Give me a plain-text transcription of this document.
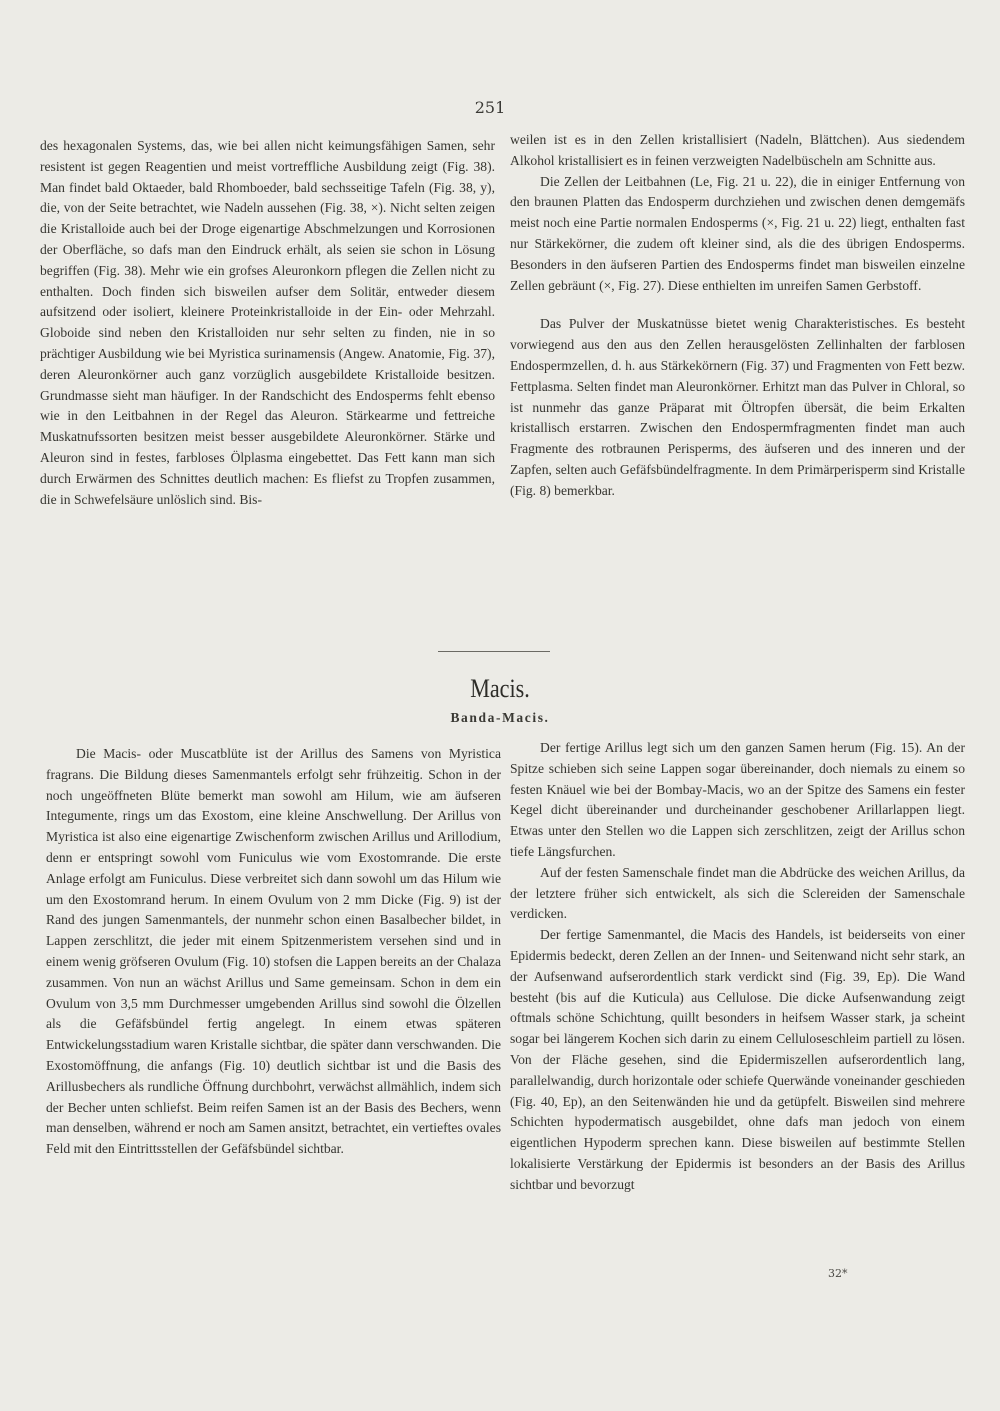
251

des hexagonalen Systems, das, wie bei allen nicht keimungsfähigen Samen, sehr resistent ist gegen Reagentien und meist vortreffliche Ausbildung zeigt (Fig. 38). Man findet bald Oktaeder, bald Rhomboeder, bald sechsseitige Tafeln (Fig. 38, y), die, von der Seite betrachtet, wie Nadeln aussehen (Fig. 38, ×). Nicht selten zeigen die Kristalloide auch bei der Droge eigenartige Abschmelzungen und Korrosionen der Oberfläche, so dafs man den Eindruck erhält, als seien sie schon in Lösung begriffen (Fig. 38). Mehr wie ein grofses Aleuronkorn pflegen die Zellen nicht zu enthalten. Doch finden sich bisweilen aufser dem Solitär, entweder diesem aufsitzend oder isoliert, kleinere Proteinkristalloide in der Ein- oder Mehrzahl. Globoide sind neben den Kristalloiden nur sehr selten zu finden, nie in so prächtiger Ausbildung wie bei Myristica surinamensis (Angew. Anatomie, Fig. 37), deren Aleuronkörner auch ganz vorzüglich ausgebildete Kristalloide besitzen. Grundmasse sieht man häufiger. In der Randschicht des Endosperms fehlt ebenso wie in den Leitbahnen in der Regel das Aleuron. Stärkearme und fettreiche Muskatnufssorten besitzen meist besser ausgebildete Aleuronkörner. Stärke und Aleuron sind in festes, farbloses Ölplasma eingebettet. Das Fett kann man sich durch Erwärmen des Schnittes deutlich machen: Es fliefst zu Tropfen zusammen, die in Schwefelsäure unlöslich sind. Bis-

weilen ist es in den Zellen kristallisiert (Nadeln, Blättchen). Aus siedendem Alkohol kristallisiert es in feinen verzweigten Nadelbüscheln am Schnitte aus.

Die Zellen der Leitbahnen (Le, Fig. 21 u. 22), die in einiger Entfernung von den braunen Platten das Endosperm durchziehen und zwischen denen demgemäfs meist noch eine Partie normalen Endosperms (×, Fig. 21 u. 22) liegt, enthalten fast nur Stärkekörner, die zudem oft kleiner sind, als die des übrigen Endosperms. Besonders in den äufseren Partien des Endosperms findet man bisweilen einzelne Zellen gebräunt (×, Fig. 27). Diese enthielten im unreifen Samen Gerbstoff.

Das Pulver der Muskatnüsse bietet wenig Charakteristisches. Es besteht vorwiegend aus den aus den Zellen herausgelösten Zellinhalten der farblosen Endospermzellen, d. h. aus Stärkekörnern (Fig. 37) und Fragmenten von Fett bezw. Fettplasma. Selten findet man Aleuronkörner. Erhitzt man das Pulver in Chloral, so ist nunmehr das ganze Präparat mit Öltropfen übersät, die beim Erkalten kristallisch erstarren. Zwischen den Endospermfragmenten findet man auch Fragmente des rotbraunen Perisperms, des äufseren und des inneren und der Zapfen, selten auch Gefäfsbündelfragmente. In dem Primärperisperm sind Kristalle (Fig. 8) bemerkbar.

Macis.
Banda-Macis.

Die Macis- oder Muscatblüte ist der Arillus des Samens von Myristica fragrans. Die Bildung dieses Samenmantels erfolgt sehr frühzeitig. Schon in der noch ungeöffneten Blüte bemerkt man sowohl am Hilum, wie am äufseren Integumente, rings um das Exostom, eine kleine Anschwellung. Der Arillus von Myristica ist also eine eigenartige Zwischenform zwischen Arillus und Arillodium, denn er entspringt sowohl vom Funiculus wie vom Exostomrande. Die erste Anlage erfolgt am Funiculus. Diese verbreitet sich dann sowohl um das Hilum wie um den Exostomrand herum. In einem Ovulum von 2 mm Dicke (Fig. 9) ist der Rand des jungen Samenmantels, der nunmehr schon einen Basalbecher bildet, in Lappen zerschlitzt, die jeder mit einem Spitzenmeristem versehen sind und in einem wenig gröfseren Ovulum (Fig. 10) stofsen die Lappen bereits an der Chalaza zusammen. Von nun an wächst Arillus und Same gemeinsam. Schon in dem ein Ovulum von 3,5 mm Durchmesser umgebenden Arillus sind sowohl die Ölzellen als die Gefäfsbündel fertig angelegt. In einem etwas späteren Entwickelungsstadium waren Kristalle sichtbar, die später dann verschwanden. Die Exostomöffnung, die anfangs (Fig. 10) deutlich sichtbar ist und die Basis des Arillusbechers als rundliche Öffnung durchbohrt, verwächst allmählich, indem sich der Becher unten schliefst. Beim reifen Samen ist an der Basis des Bechers, wenn man denselben, während er noch am Samen ansitzt, betrachtet, ein vertieftes ovales Feld mit den Eintrittsstellen der Gefäfsbündel sichtbar.

Der fertige Arillus legt sich um den ganzen Samen herum (Fig. 15). An der Spitze schieben sich seine Lappen sogar übereinander, doch niemals zu einem so festen Knäuel wie bei der Bombay-Macis, wo an der Spitze des Samens ein fester Kegel dicht übereinander und durcheinander geschobener Arillarlappen liegt. Etwas unter den Stellen wo die Lappen sich zerschlitzen, zeigt der Arillus schon tiefe Längsfurchen.

Auf der festen Samenschale findet man die Abdrücke des weichen Arillus, da der letztere früher sich entwickelt, als sich die Sclereiden der Samenschale verdicken.

Der fertige Samenmantel, die Macis des Handels, ist beiderseits von einer Epidermis bedeckt, deren Zellen an der Innen- und Seitenwand nicht sehr stark, an der Aufsenwand aufserordentlich stark verdickt sind (Fig. 39, Ep). Die Wand besteht (bis auf die Kuticula) aus Cellulose. Die dicke Aufsenwandung zeigt oftmals schöne Schichtung, quillt besonders in heifsem Wasser stark, ja scheint sogar bei längerem Kochen sich darin zu einem Celluloseschleim partiell zu lösen. Von der Fläche gesehen, sind die Epidermiszellen aufserordentlich lang, parallelwandig, durch horizontale oder schiefe Querwände voneinander geschieden (Fig. 40, Ep), an den Seitenwänden hie und da getüpfelt. Bisweilen sind mehrere Schichten hypodermatisch ausgebildet, ohne dafs man jedoch von einem eigentlichen Hypoderm sprechen kann. Diese bisweilen auf bestimmte Stellen lokalisierte Verstärkung der Epidermis ist besonders an der Basis des Arillus sichtbar und bevorzugt

32*
